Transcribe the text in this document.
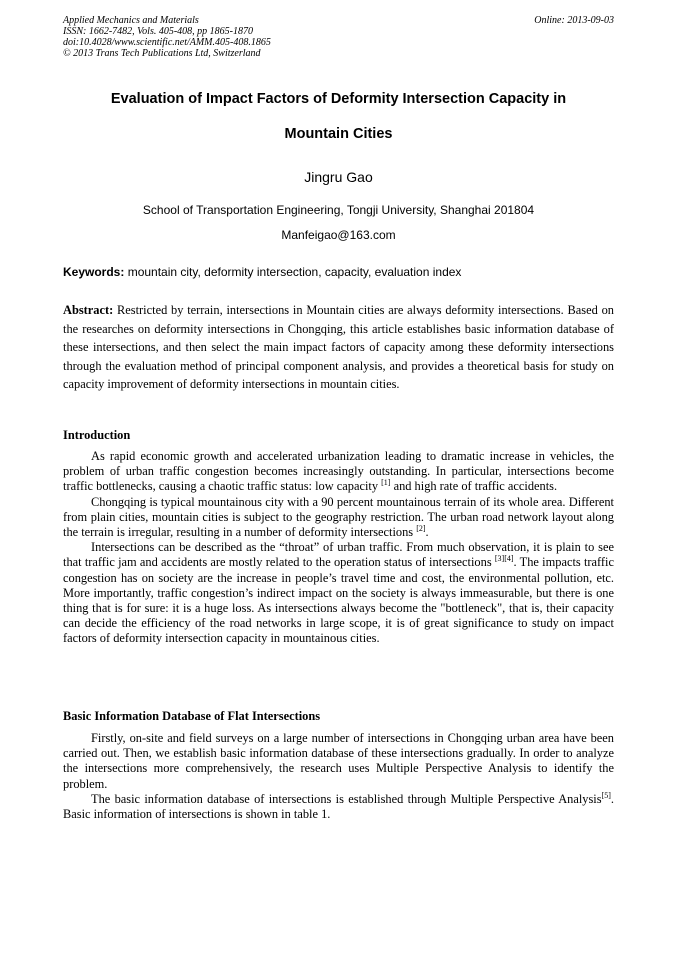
Applied Mechanics and Materials
ISSN: 1662-7482, Vols. 405-408, pp 1865-1870
doi:10.4028/www.scientific.net/AMM.405-408.1865
© 2013 Trans Tech Publications Ltd, Switzerland
Online: 2013-09-03
Evaluation of Impact Factors of Deformity Intersection Capacity in
Mountain Cities
Jingru Gao
School of Transportation Engineering, Tongji University, Shanghai 201804
Manfeigao@163.com
Keywords: mountain city, deformity intersection, capacity, evaluation index
Abstract: Restricted by terrain, intersections in Mountain cities are always deformity intersections. Based on the researches on deformity intersections in Chongqing, this article establishes basic information database of these intersections, and then select the main impact factors of capacity among these deformity intersections through the evaluation method of principal component analysis, and provides a theoretical basis for study on capacity improvement of deformity intersections in mountain cities.
Introduction

As rapid economic growth and accelerated urbanization leading to dramatic increase in vehicles, the problem of urban traffic congestion becomes increasingly outstanding. In particular, intersections become traffic bottlenecks, causing a chaotic traffic status: low capacity [1] and high rate of traffic accidents.

Chongqing is typical mountainous city with a 90 percent mountainous terrain of its whole area. Different from plain cities, mountain cities is subject to the geography restriction. The urban road network layout along the terrain is irregular, resulting in a number of deformity intersections [2].

Intersections can be described as the “throat” of urban traffic. From much observation, it is plain to see that traffic jam and accidents are mostly related to the operation status of intersections [3][4]. The impacts traffic congestion has on society are the increase in people’s travel time and cost, the environmental pollution, etc. More importantly, traffic congestion’s indirect impact on the society is always immeasurable, but there is one thing that is for sure: it is a huge loss. As intersections always become the "bottleneck", that is, their capacity can decide the efficiency of the road networks in large scope, it is of great significance to study on impact factors of deformity intersection capacity in mountainous cities.

Basic Information Database of Flat Intersections

Firstly, on-site and field surveys on a large number of intersections in Chongqing urban area have been carried out. Then, we establish basic information database of these intersections gradually. In order to analyze the intersections more comprehensively, the research uses Multiple Perspective Analysis to identify the problem.

The basic information database of intersections is established through Multiple Perspective Analysis[5]. Basic information of intersections is shown in table 1.
